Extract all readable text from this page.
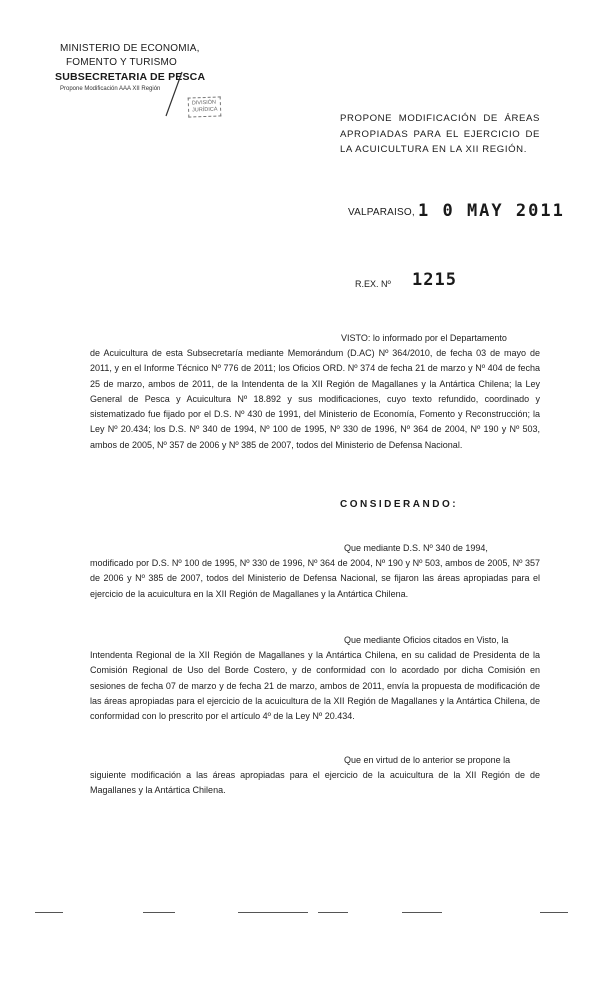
MINISTERIO DE ECONOMIA,
FOMENTO Y TURISMO
SUBSECRETARIA DE PESCA
Propone Modificación AAA XII Región
DIVISIÓN
JURÍDICA
PROPONE MODIFICACIÓN DE ÁREAS APROPIADAS PARA EL EJERCICIO DE LA ACUICULTURA EN LA XII REGIÓN.
VALPARAISO, 1 0 MAY 2011
R.EX. Nº 1215
VISTO: lo informado por el Departamento
de Acuicultura de esta Subsecretaría mediante Memorándum (D.AC) Nº 364/2010, de fecha 03 de mayo de 2011, y en el Informe Técnico Nº 776 de 2011; los Oficios ORD. Nº 374 de fecha 21 de marzo y Nº 404 de fecha 25 de marzo, ambos de 2011, de la Intendenta de la XII Región de Magallanes y la Antártica Chilena; la Ley General de Pesca y Acuicultura Nº 18.892 y sus modificaciones, cuyo texto refundido, coordinado y sistematizado fue fijado por el D.S. Nº 430 de 1991, del Ministerio de Economía, Fomento y Reconstrucción; la Ley Nº 20.434; los D.S. Nº 340 de 1994, Nº 100 de 1995, Nº 330 de 1996, Nº 364 de 2004, Nº 190 y Nº 503, ambos de 2005, Nº 357 de 2006 y Nº 385 de 2007, todos del Ministerio de Defensa Nacional.
CONSIDERANDO:
Que mediante D.S. Nº 340 de 1994,
modificado por D.S. Nº 100 de 1995, Nº 330 de 1996, Nº 364 de 2004, Nº 190 y Nº 503, ambos de 2005, Nº 357 de 2006 y Nº 385 de 2007, todos del Ministerio de Defensa Nacional, se fijaron las áreas apropiadas para el ejercicio de la acuicultura en la XII Región de Magallanes y la Antártica Chilena.
Que mediante Oficios citados en Visto, la
Intendenta Regional de la XII Región de Magallanes y la Antártica Chilena, en su calidad de Presidenta de la Comisión Regional de Uso del Borde Costero, y de conformidad con lo acordado por dicha Comisión en sesiones de fecha 07 de marzo y de fecha 21 de marzo, ambos de 2011, envía la propuesta de modificación de las áreas apropiadas para el ejercicio de la acuicultura de la XII Región de Magallanes y la Antártica Chilena, de conformidad con lo prescrito por el artículo 4º de la Ley Nº 20.434.
Que en virtud de lo anterior se propone la
siguiente modificación a las áreas apropiadas para el ejercicio de la acuicultura de la XII Región de de Magallanes y la Antártica Chilena.
